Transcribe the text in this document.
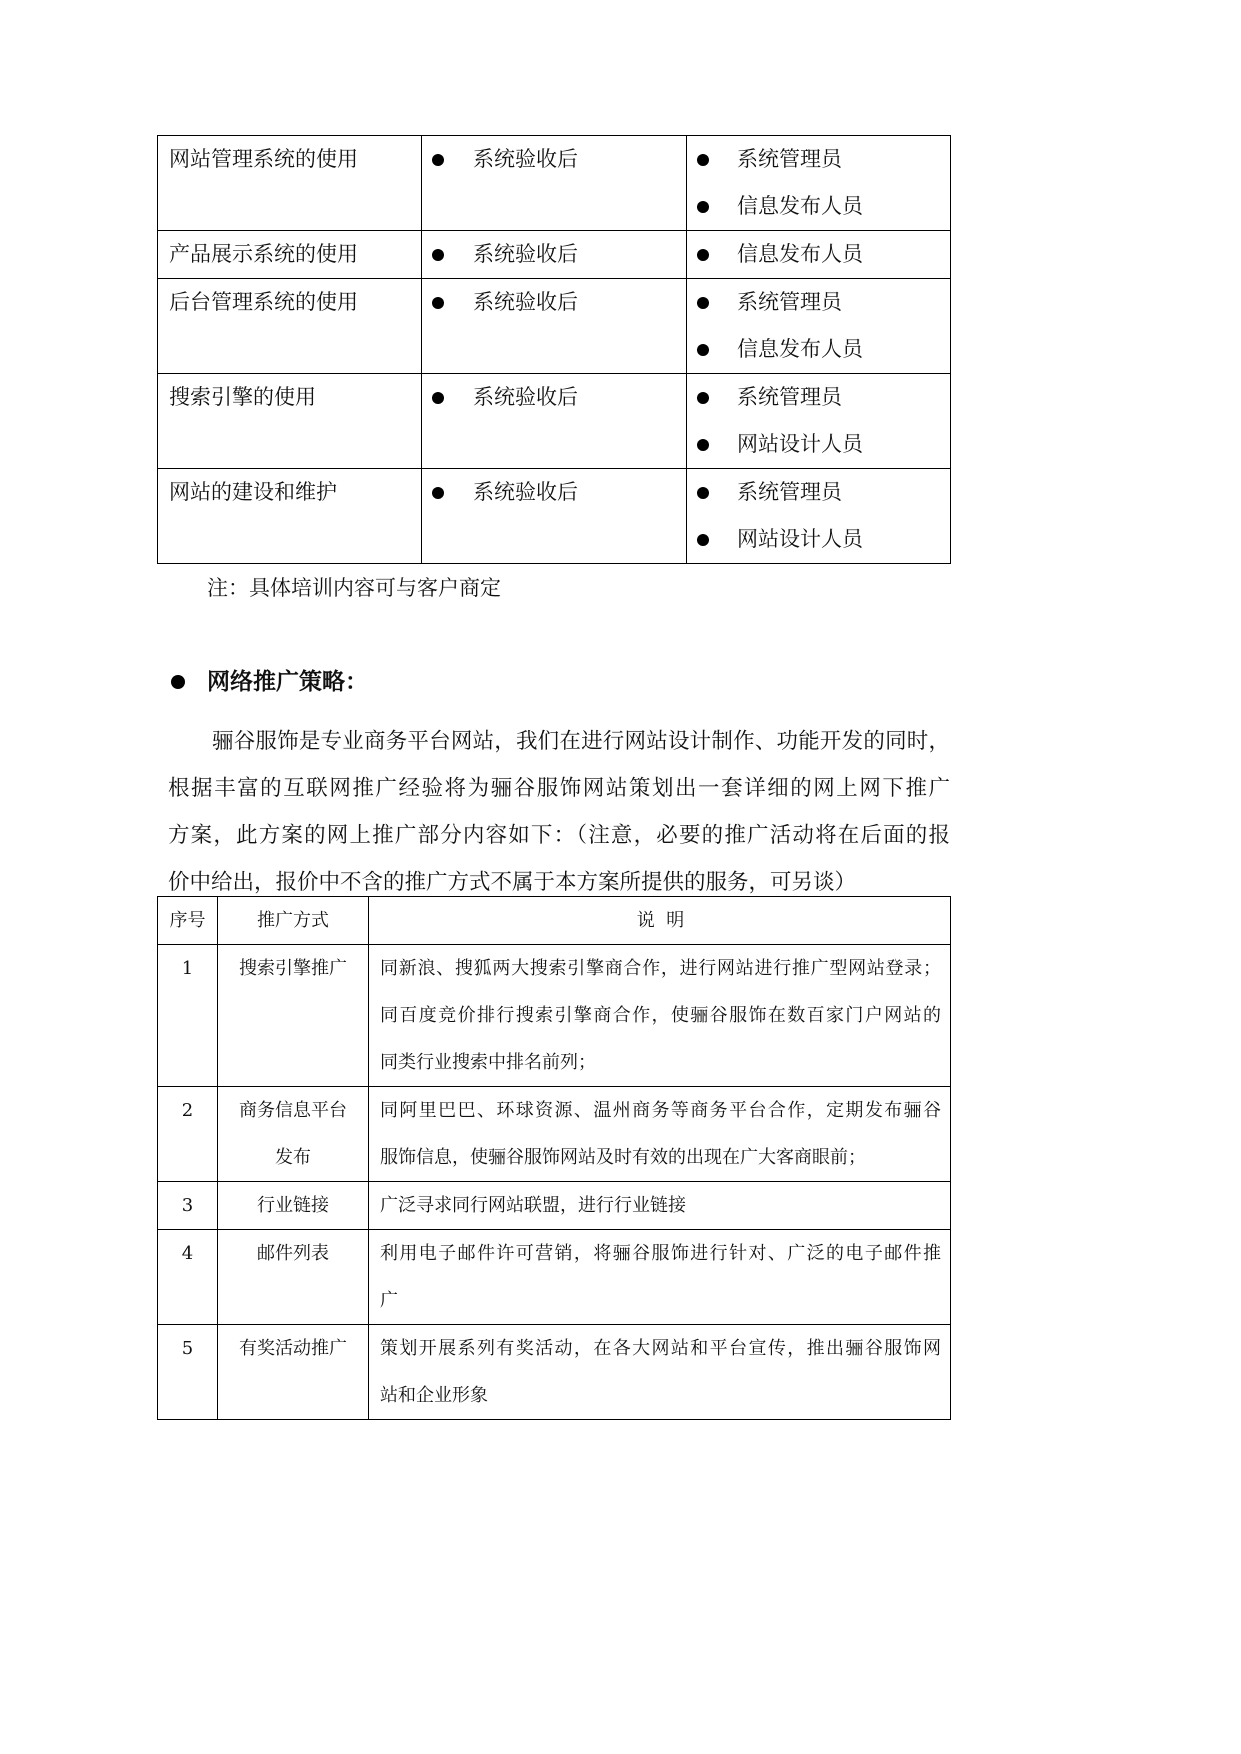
网站管理系统的使用	系统验收后	系统管理员
信息发布人员

产品展示系统的使用	系统验收后	信息发布人员

后台管理系统的使用	系统验收后	系统管理员
信息发布人员

搜索引擎的使用	系统验收后	系统管理员
网站设计人员

网站的建设和维护	系统验收后	系统管理员
网站设计人员
注：具体培训内容可与客户商定
网络推广策略：
骊谷服饰是专业商务平台网站，我们在进行网站设计制作、功能开发的同时，
根据丰富的互联网推广经验将为骊谷服饰网站策划出一套详细的网上网下推广
方案，此方案的网上推广部分内容如下：（注意，必要的推广活动将在后面的报
价中给出，报价中不含的推广方式不属于本方案所提供的服务，可另谈）
序号	推广方式	说  明
1	搜索引擎推广	同新浪、搜狐两大搜索引擎商合作，进行网站进行推广型网站登录；
同百度竞价排行搜索引擎商合作，使骊谷服饰在数百家门户网站的
同类行业搜索中排名前列；

2	商务信息平台
发布	同阿里巴巴、环球资源、温州商务等商务平台合作，定期发布骊谷
服饰信息，使骊谷服饰网站及时有效的出现在广大客商眼前；

3	行业链接	广泛寻求同行网站联盟，进行行业链接

4	邮件列表	利用电子邮件许可营销，将骊谷服饰进行针对、广泛的电子邮件推
广

5	有奖活动推广	策划开展系列有奖活动，在各大网站和平台宣传，推出骊谷服饰网
站和企业形象
